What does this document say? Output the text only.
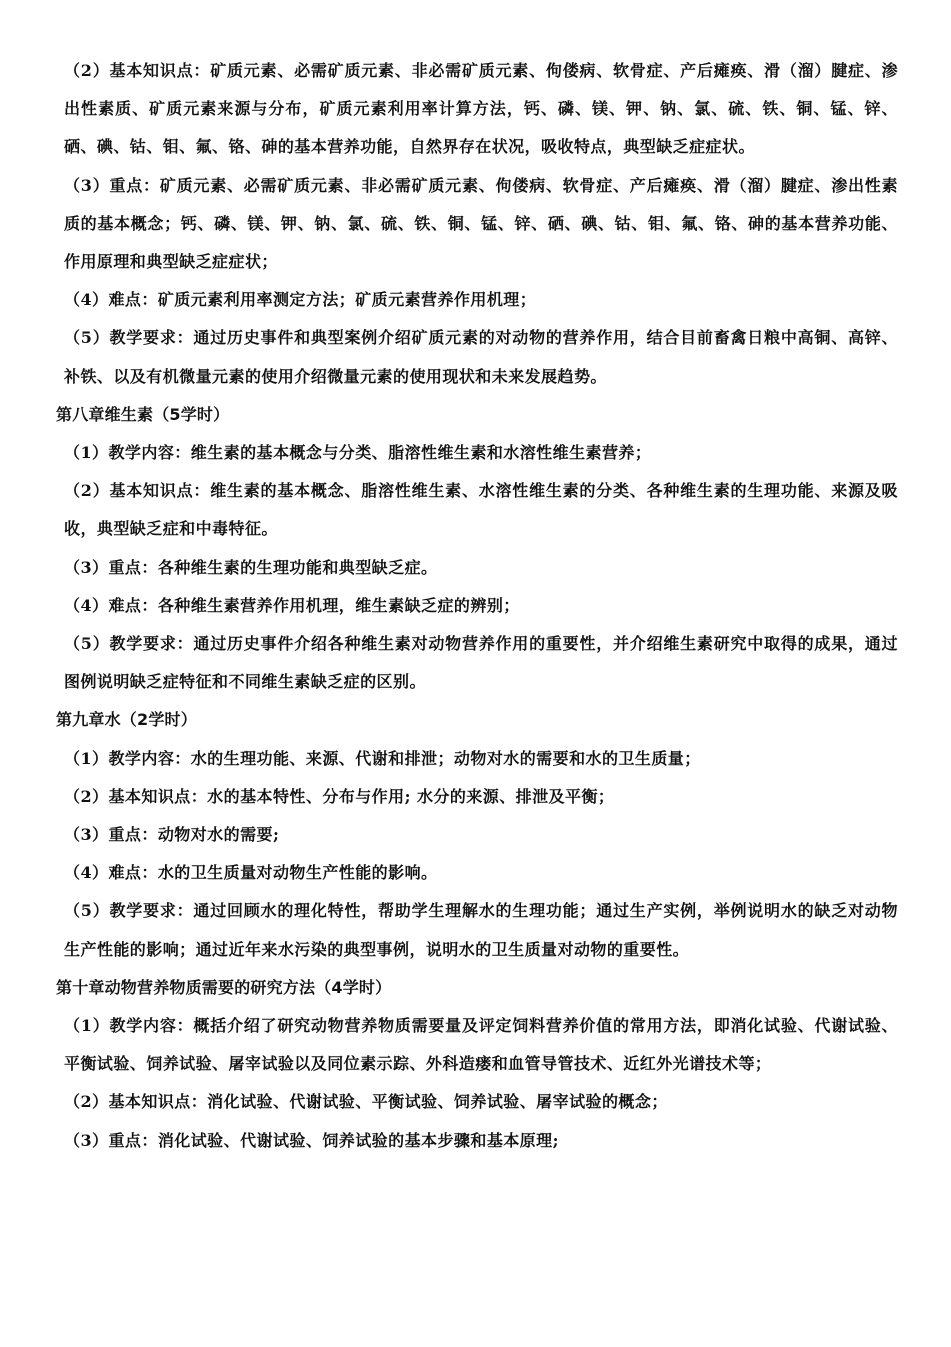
（2）基本知识点：矿质元素、必需矿质元素、非必需矿质元素、佝偻病、软骨症、产后瘫痪、滑（溜）腱症、渗出性素质、矿质元素来源与分布，矿质元素利用率计算方法，钙、磷、镁、钾、钠、氯、硫、铁、铜、锰、锌、硒、碘、钴、钼、氟、铬、砷的基本营养功能，自然界存在状况，吸收特点，典型缺乏症症状。

（3）重点：矿质元素、必需矿质元素、非必需矿质元素、佝偻病、软骨症、产后瘫痪、滑（溜）腱症、渗出性素质的基本概念；钙、磷、镁、钾、钠、氯、硫、铁、铜、锰、锌、硒、碘、钴、钼、氟、铬、砷的基本营养功能、作用原理和典型缺乏症症状；

（4）难点：矿质元素利用率测定方法；矿质元素营养作用机理；

（5）教学要求：通过历史事件和典型案例介绍矿质元素的对动物的营养作用，结合目前畜禽日粮中高铜、高锌、补铁、以及有机微量元素的使用介绍微量元素的使用现状和未来发展趋势。

第八章维生素（5学时）

（1）教学内容：维生素的基本概念与分类、脂溶性维生素和水溶性维生素营养；

（2）基本知识点：维生素的基本概念、脂溶性维生素、水溶性维生素的分类、各种维生素的生理功能、来源及吸收，典型缺乏症和中毒特征。

（3）重点：各种维生素的生理功能和典型缺乏症。

（4）难点：各种维生素营养作用机理，维生素缺乏症的辨别；

（5）教学要求：通过历史事件介绍各种维生素对动物营养作用的重要性，并介绍维生素研究中取得的成果，通过图例说明缺乏症特征和不同维生素缺乏症的区别。

第九章水（2学时）

（1）教学内容：水的生理功能、来源、代谢和排泄；动物对水的需要和水的卫生质量；

（2）基本知识点：水的基本特性、分布与作用; 水分的来源、排泄及平衡；

（3）重点：动物对水的需要;

（4）难点：水的卫生质量对动物生产性能的影响。

（5）教学要求：通过回顾水的理化特性，帮助学生理解水的生理功能；通过生产实例，举例说明水的缺乏对动物生产性能的影响；通过近年来水污染的典型事例，说明水的卫生质量对动物的重要性。

第十章动物营养物质需要的研究方法（4学时）

（1）教学内容：概括介绍了研究动物营养物质需要量及评定饲料营养价值的常用方法，即消化试验、代谢试验、平衡试验、饲养试验、屠宰试验以及同位素示踪、外科造瘘和血管导管技术、近红外光谱技术等；

（2）基本知识点：消化试验、代谢试验、平衡试验、饲养试验、屠宰试验的概念；

（3）重点：消化试验、代谢试验、饲养试验的基本步骤和基本原理;
